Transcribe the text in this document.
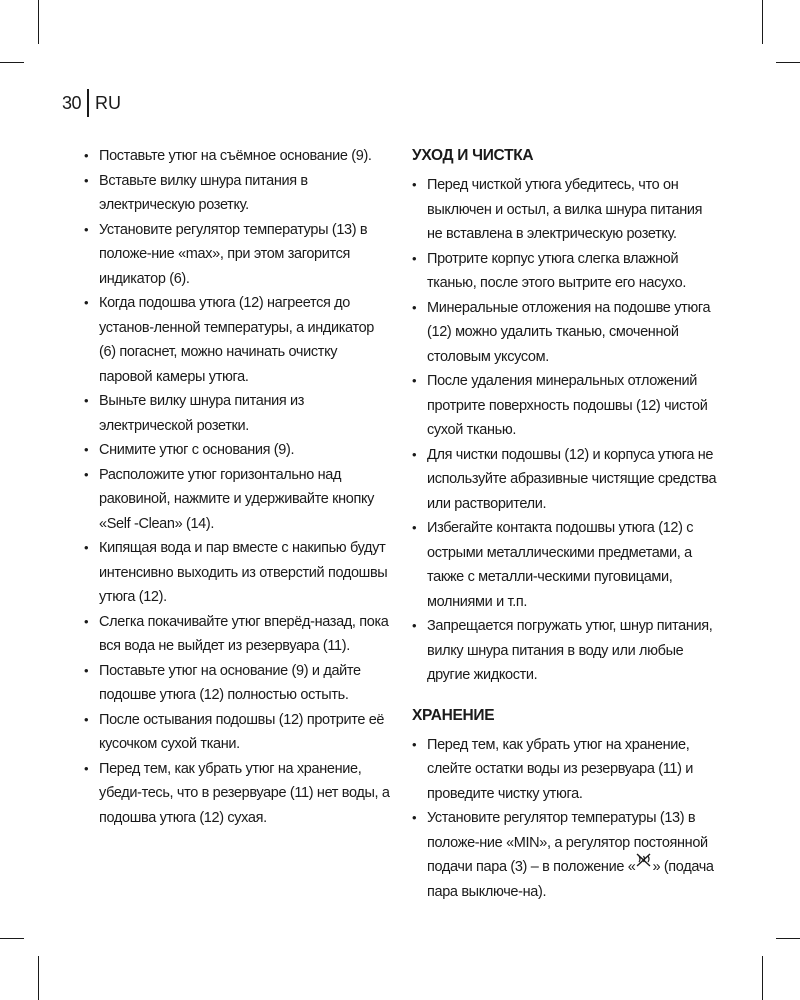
30 RU
• Поставьте утюг на съёмное основание (9).
• Вставьте вилку шнура питания в электрическую розетку.
• Установите регулятор температуры (13) в положе-ние «max», при этом загорится индикатор (6).
• Когда подошва утюга (12) нагреется до установ-ленной температуры, а индикатор (6) погаснет, можно начинать очистку паровой камеры утюга.
• Выньте вилку шнура питания из электрической розетки.
• Снимите утюг с основания (9).
• Расположите утюг горизонтально над раковиной, нажмите и удерживайте кнопку «Self -Clean» (14).
• Кипящая вода и пар вместе с накипью будут интенсивно выходить из отверстий подошвы утюга (12).
• Слегка покачивайте утюг вперёд-назад, пока вся вода не выйдет из резервуара (11).
• Поставьте утюг на основание (9) и дайте подошве утюга (12) полностью остыть.
• После остывания подошвы (12) протрите её кусочком сухой ткани.
• Перед тем, как убрать утюг на хранение, убеди-тесь, что в резервуаре (11) нет воды, а подошва утюга (12) сухая.
УХОД И ЧИСТКА
• Перед чисткой утюга убедитесь, что он выключен и остыл, а вилка шнура питания не вставлена в электрическую розетку.
• Протрите корпус утюга слегка влажной тканью, после этого вытрите его насухо.
• Минеральные отложения на подошве утюга (12) можно удалить тканью, смоченной столовым уксусом.
• После удаления минеральных отложений протрите поверхность подошвы (12) чистой сухой тканью.
• Для чистки подошвы (12) и корпуса утюга не используйте абразивные чистящие средства или растворители.
• Избегайте контакта подошвы утюга (12) с острыми металлическими предметами, а также с металли-ческими пуговицами, молниями и т.п.
• Запрещается погружать утюг, шнур питания, вилку шнура питания в воду или любые другие жидкости.
ХРАНЕНИЕ
• Перед тем, как убрать утюг на хранение, слейте остатки воды из резервуара (11) и проведите чистку утюга.
• Установите регулятор температуры (13) в положе-ние «MIN», а регулятор постоянной подачи пара (3) – в положение « » (подача пара выключе-на).
